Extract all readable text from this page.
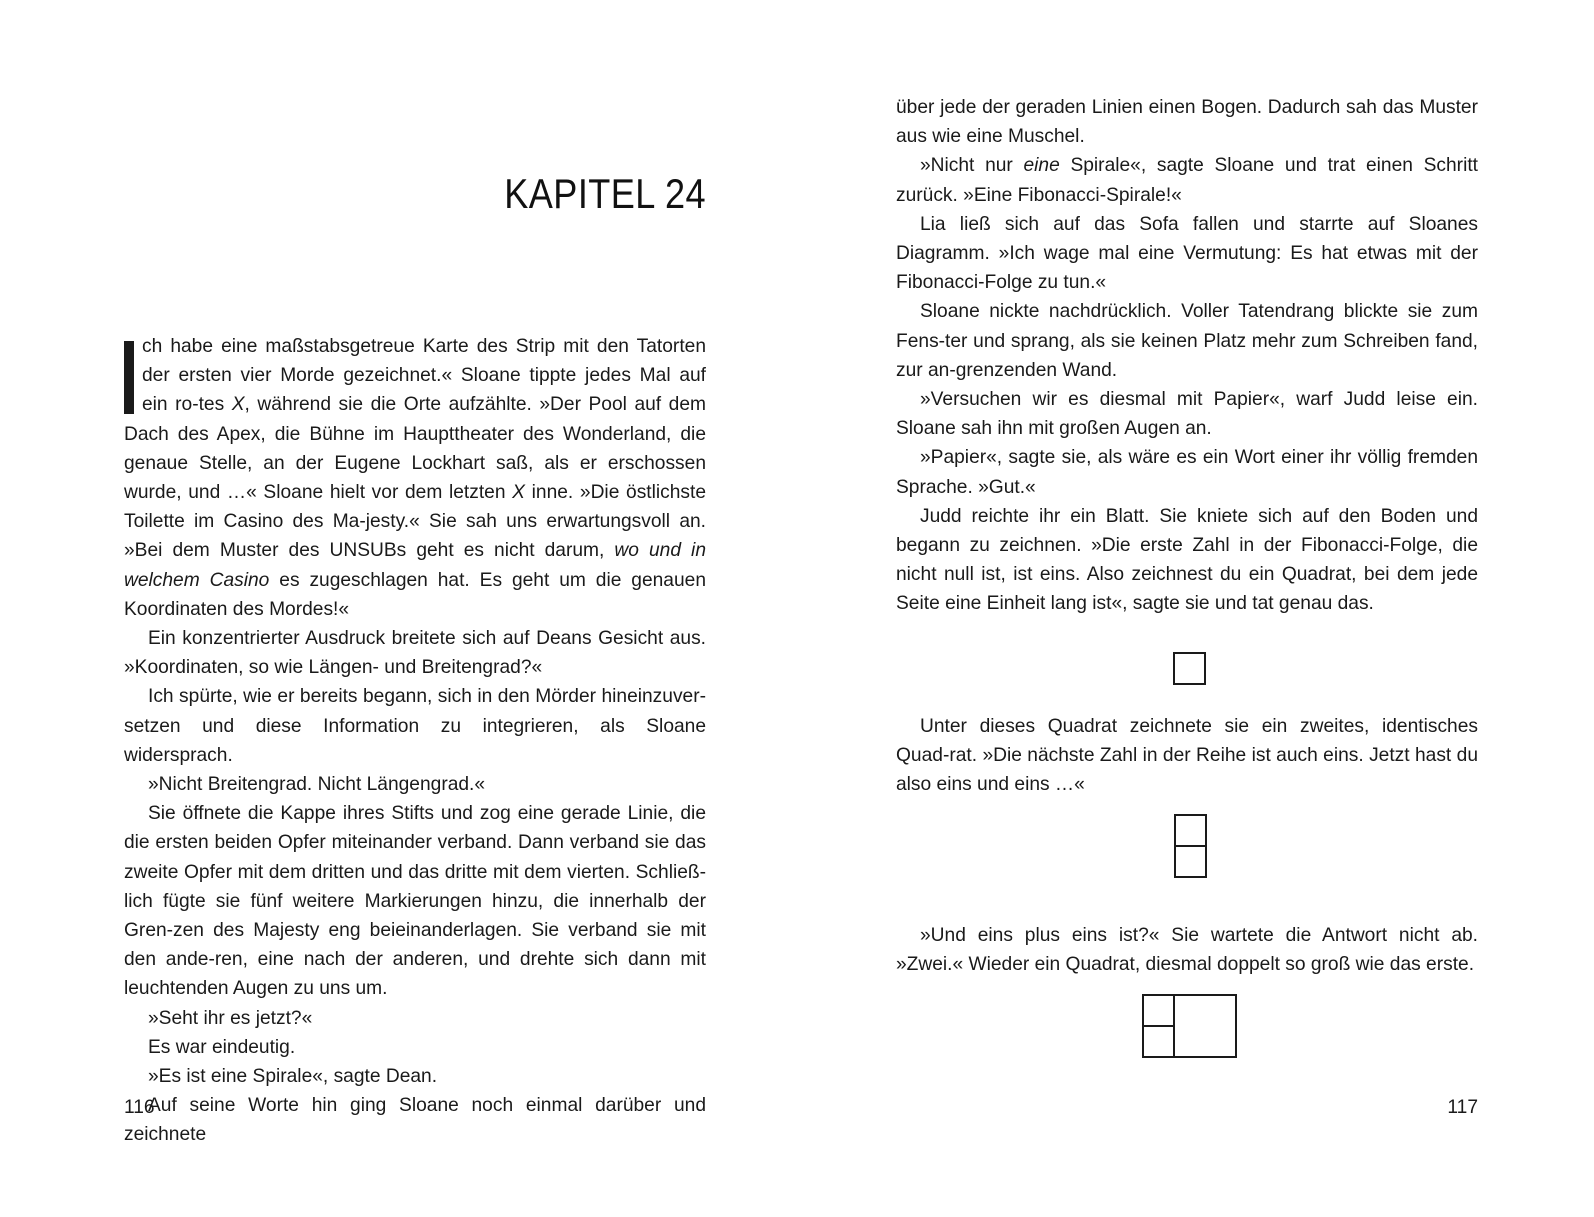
KAPITEL 24
ch habe eine maßstabsgetreue Karte des Strip mit den Tatorten der ersten vier Morde gezeichnet.« Sloane tippte jedes Mal auf ein ro-tes X, während sie die Orte aufzählte. »Der Pool auf dem Dach des Apex, die Bühne im Haupttheater des Wonderland, die genaue Stelle, an der Eugene Lockhart saß, als er erschossen wurde, und …« Sloane hielt vor dem letzten X inne. »Die östlichste Toilette im Casino des Ma-jesty.« Sie sah uns erwartungsvoll an. »Bei dem Muster des UNSUBs geht es nicht darum, wo und in welchem Casino es zugeschlagen hat. Es geht um die genauen Koordinaten des Mordes!«
Ein konzentrierter Ausdruck breitete sich auf Deans Gesicht aus. »Koordinaten, so wie Längen- und Breitengrad?«
Ich spürte, wie er bereits begann, sich in den Mörder hineinzuver-setzen und diese Information zu integrieren, als Sloane widersprach.
»Nicht Breitengrad. Nicht Längengrad.«
Sie öffnete die Kappe ihres Stifts und zog eine gerade Linie, die die ersten beiden Opfer miteinander verband. Dann verband sie das zweite Opfer mit dem dritten und das dritte mit dem vierten. Schließ-lich fügte sie fünf weitere Markierungen hinzu, die innerhalb der Gren-zen des Majesty eng beieinanderlagen. Sie verband sie mit den ande-ren, eine nach der anderen, und drehte sich dann mit leuchtenden Augen zu uns um.
»Seht ihr es jetzt?«
Es war eindeutig.
»Es ist eine Spirale«, sagte Dean.
Auf seine Worte hin ging Sloane noch einmal darüber und zeichnete
116	117
über jede der geraden Linien einen Bogen. Dadurch sah das Muster aus wie eine Muschel.
»Nicht nur eine Spirale«, sagte Sloane und trat einen Schritt zurück. »Eine Fibonacci-Spirale!«
Lia ließ sich auf das Sofa fallen und starrte auf Sloanes Diagramm. »Ich wage mal eine Vermutung: Es hat etwas mit der Fibonacci-Folge zu tun.«
Sloane nickte nachdrücklich. Voller Tatendrang blickte sie zum Fens-ter und sprang, als sie keinen Platz mehr zum Schreiben fand, zur an-grenzenden Wand.
»Versuchen wir es diesmal mit Papier«, warf Judd leise ein. Sloane sah ihn mit großen Augen an.
»Papier«, sagte sie, als wäre es ein Wort einer ihr völlig fremden Sprache. »Gut.«
Judd reichte ihr ein Blatt. Sie kniete sich auf den Boden und begann zu zeichnen. »Die erste Zahl in der Fibonacci-Folge, die nicht null ist, ist eins. Also zeichnest du ein Quadrat, bei dem jede Seite eine Einheit lang ist«, sagte sie und tat genau das.
Unter dieses Quadrat zeichnete sie ein zweites, identisches Quad-rat. »Die nächste Zahl in der Reihe ist auch eins. Jetzt hast du also eins und eins …«
»Und eins plus eins ist?« Sie wartete die Antwort nicht ab. »Zwei.« Wieder ein Quadrat, diesmal doppelt so groß wie das erste.
